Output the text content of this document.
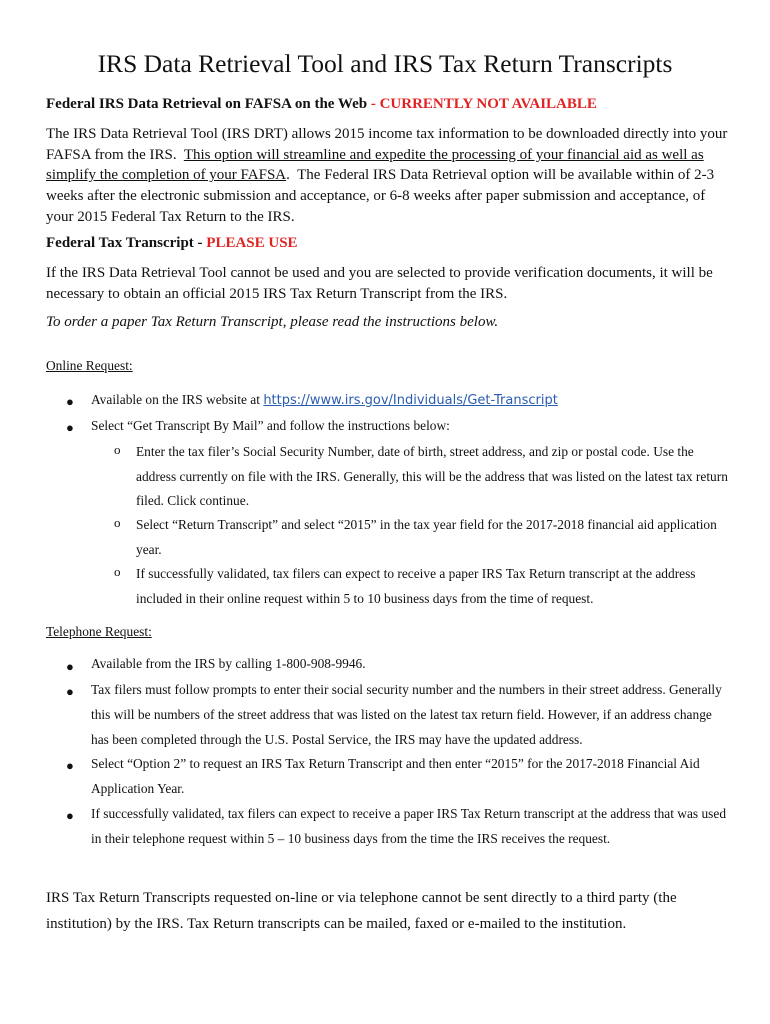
IRS Data Retrieval Tool and IRS Tax Return Transcripts
Federal IRS Data Retrieval on FAFSA on the Web - CURRENTLY NOT AVAILABLE
The IRS Data Retrieval Tool (IRS DRT) allows 2015 income tax information to be downloaded directly into your FAFSA from the IRS. This option will streamline and expedite the processing of your financial aid as well as simplify the completion of your FAFSA.  The Federal IRS Data Retrieval option will be available within of 2-3 weeks after the electronic submission and acceptance, or 6-8 weeks after paper submission and acceptance, of your 2015 Federal Tax Return to the IRS.
Federal Tax Transcript - PLEASE USE
If the IRS Data Retrieval Tool cannot be used and you are selected to provide verification documents, it will be necessary to obtain an official 2015 IRS Tax Return Transcript from the IRS.
To order a paper Tax Return Transcript, please read the instructions below.
Online Request:
● Available on the IRS website at https://www.irs.gov/Individuals/Get-Transcript
● Select “Get Transcript By Mail” and follow the instructions below:
o Enter the tax filer’s Social Security Number, date of birth, street address, and zip or postal code. Use the address currently on file with the IRS. Generally, this will be the address that was listed on the latest tax return filed. Click continue.
o Select “Return Transcript” and select “2015” in the tax year field for the 2017-2018 financial aid application year.
o If successfully validated, tax filers can expect to receive a paper IRS Tax Return transcript at the address included in their online request within 5 to 10 business days from the time of request.
Telephone Request:
● Available from the IRS by calling 1-800-908-9946.
● Tax filers must follow prompts to enter their social security number and the numbers in their street address. Generally this will be numbers of the street address that was listed on the latest tax return field. However, if an address change has been completed through the U.S. Postal Service, the IRS may have the updated address.
● Select “Option 2” to request an IRS Tax Return Transcript and then enter “2015” for the 2017-2018 Financial Aid Application Year.
● If successfully validated, tax filers can expect to receive a paper IRS Tax Return transcript at the address that was used in their telephone request within 5 – 10 business days from the time the IRS receives the request.
IRS Tax Return Transcripts requested on-line or via telephone cannot be sent directly to a third party (the institution) by the IRS. Tax Return transcripts can be mailed, faxed or e-mailed to the institution.
